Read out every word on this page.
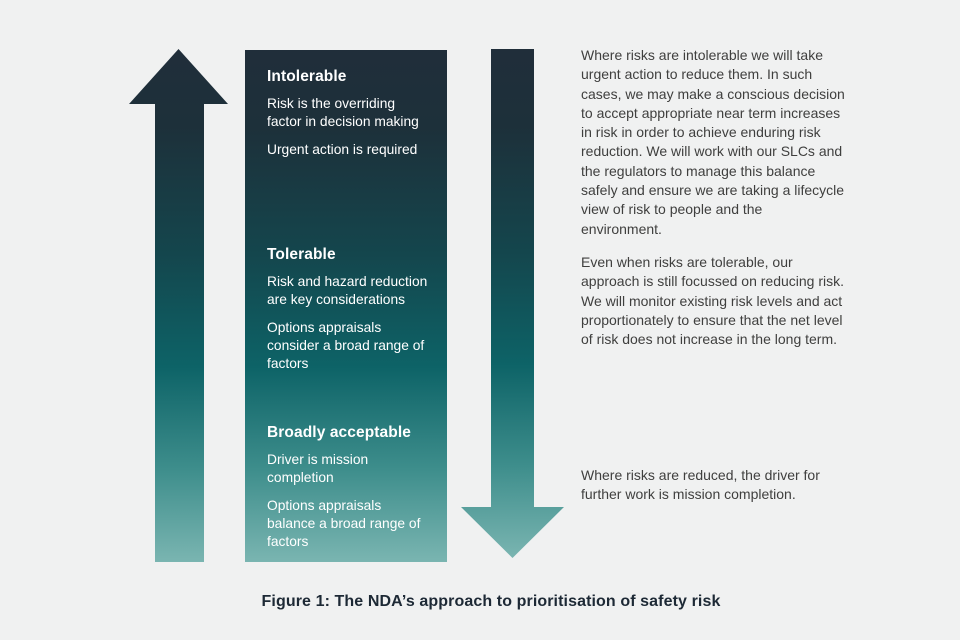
Intolerable

Risk is the overriding factor in decision making

Urgent action is required

Tolerable

Risk and hazard reduction are key considerations

Options appraisals consider a broad range of factors

Broadly acceptable

Driver is mission completion

Options appraisals balance a broad range of factors

Where risks are intolerable we will take urgent action to reduce them. In such cases, we may make a conscious decision to accept appropriate near term increases in risk in order to achieve enduring risk reduction. We will work with our SLCs and the regulators to manage this balance safely and ensure we are taking a lifecycle view of risk to people and the environment.

Even when risks are tolerable, our approach is still focussed on reducing risk. We will monitor existing risk levels and act proportionately to ensure that the net level of risk does not increase in the long term.

Where risks are reduced, the driver for further work is mission completion.

Figure 1: The NDA’s approach to prioritisation of safety risk
